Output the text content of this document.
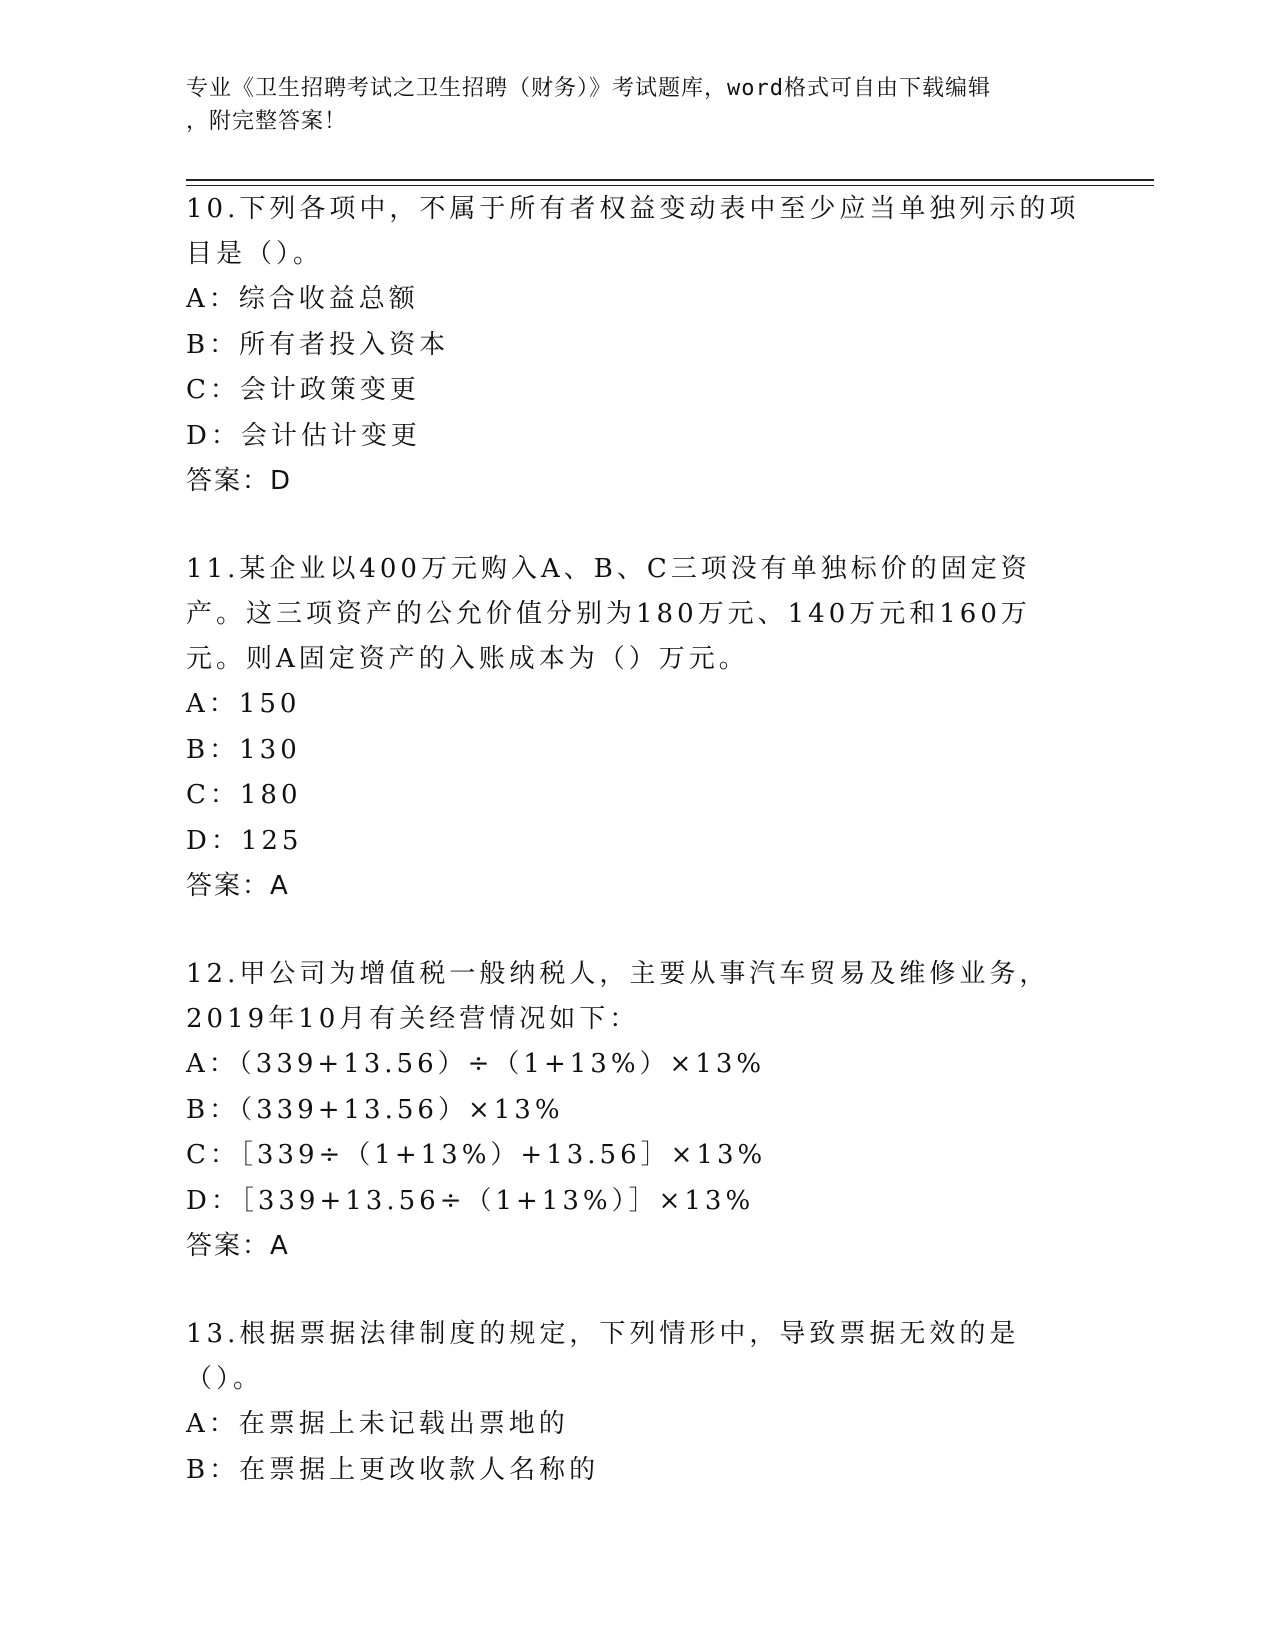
专业《卫生招聘考试之卫生招聘（财务）》考试题库，word格式可自由下载编辑
，附完整答案！

10.下列各项中，不属于所有者权益变动表中至少应当单独列示的项目是（）。

A：综合收益总额

B：所有者投入资本

C：会计政策变更

D：会计估计变更

答案：D

11.某企业以400万元购入A、B、C三项没有单独标价的固定资产。这三项资产的公允价值分别为180万元、140万元和160万元。则A固定资产的入账成本为（）万元。

A：150

B：130

C：180

D：125

答案：A

12.甲公司为增值税一般纳税人，主要从事汽车贸易及维修业务，2019年10月有关经营情况如下：

A：（339+13.56）÷（1+13%）×13%

B：（339+13.56）×13%

C：［339÷（1+13%）+13.56］×13%

D：［339+13.56÷（1+13%）］×13%

答案：A

13.根据票据法律制度的规定，下列情形中，导致票据无效的是（）。

A：在票据上未记载出票地的

B：在票据上更改收款人名称的
